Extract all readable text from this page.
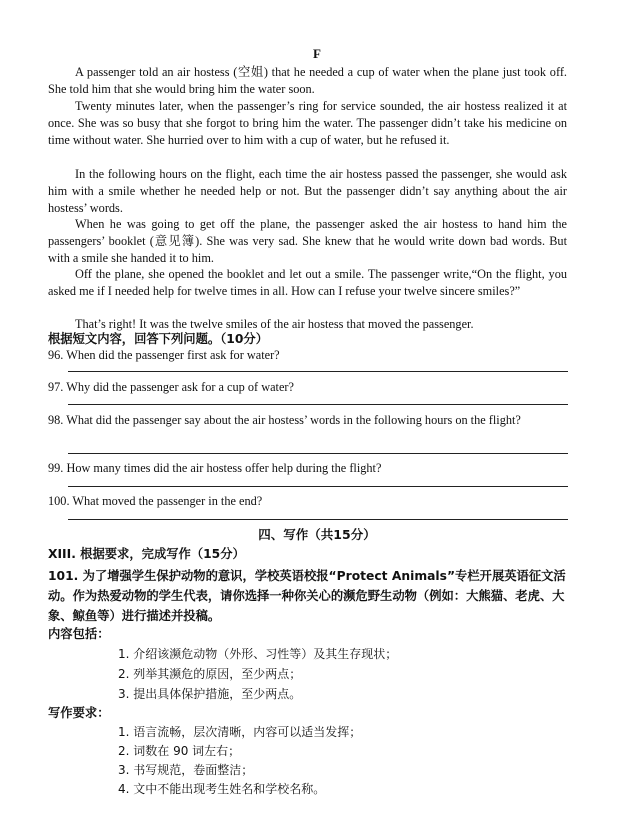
F

A passenger told an air hostess (空姐) that he needed a cup of water when the plane just took off. She told him that she would bring him the water soon.

Twenty minutes later, when the passenger’s ring for service sounded, the air hostess realized it at once. She was so busy that she forgot to bring him the water. The passenger didn’t take his medicine on time without water. She hurried over to him with a cup of water, but he refused it.

In the following hours on the flight, each time the air hostess passed the passenger, she would ask him with a smile whether he needed help or not. But the passenger didn’t say anything about the air hostess’ words.

When he was going to get off the plane, the passenger asked the air hostess to hand him the passengers’ booklet (意见簿). She was very sad. She knew that he would write down bad words. But with a smile she handed it to him.

Off the plane, she opened the booklet and let out a smile. The passenger write,“On the flight, you asked me if I needed help for twelve times in all. How can I refuse your twelve sincere smiles?”

That’s right! It was the twelve smiles of the air hostess that moved the passenger.

根据短文内容，回答下列问题。（10分）

96. When did the passenger first ask for water?

97. Why did the passenger ask for a cup of water?

98. What did the passenger say about the air hostess’ words in the following hours on the flight?

99. How many times did the air hostess offer help during the flight?

100. What moved the passenger in the end?

四、写作（共15分）

XIII. 根据要求，完成写作（15分）

101. 为了增强学生保护动物的意识，学校英语校报“Protect Animals”专栏开展英语征文活动。作为热爱动物的学生代表，请你选择一种你关心的濒危野生动物（例如：大熊猫、老虎、大象、鲸鱼等）进行描述并投稿。

内容包括：

1. 介绍该濒危动物（外形、习性等）及其生存现状；

2. 列举其濒危的原因，至少两点；

3. 提出具体保护措施，至少两点。

写作要求：

1. 语言流畅，层次清晰，内容可以适当发挥；

2. 词数在 90 词左右；

3. 书写规范，卷面整洁；

4. 文中不能出现考生姓名和学校名称。
